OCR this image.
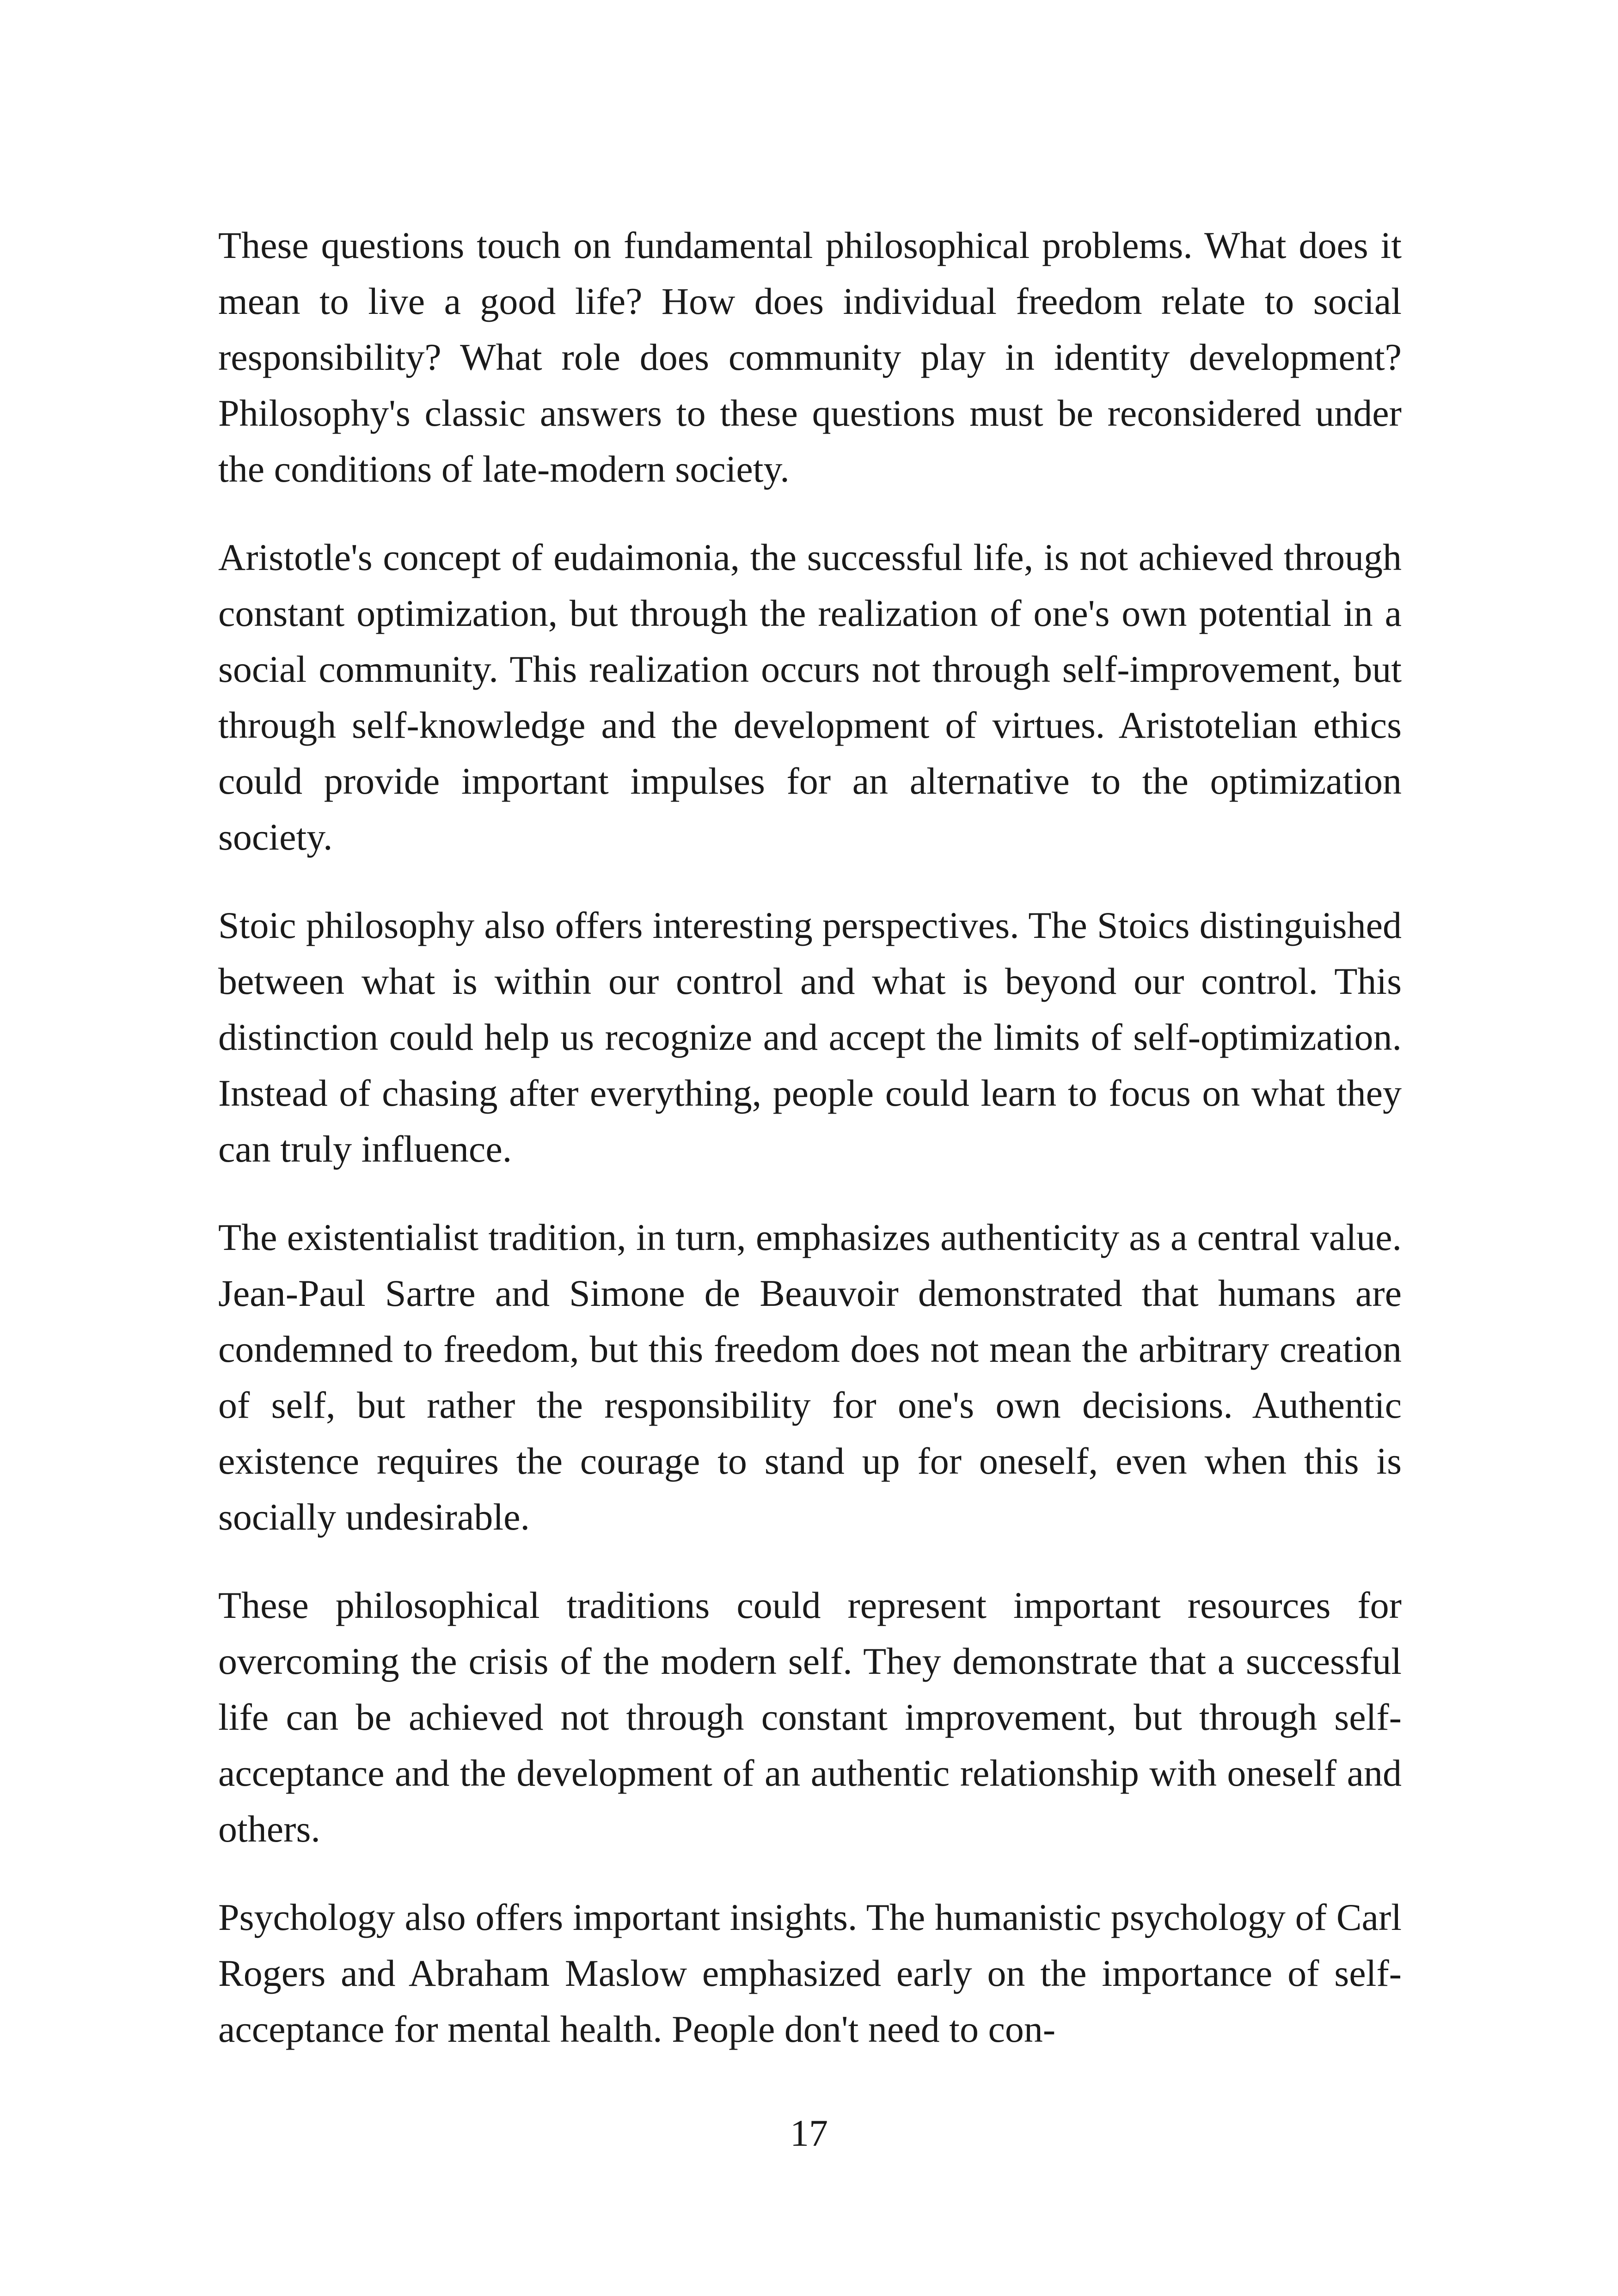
These questions touch on fundamental philosophical problems. What does it mean to live a good life? How does individual freedom relate to social responsibility? What role does community play in identity development? Philosophy's classic answers to these questions must be reconsidered under the conditions of late-modern society.

Aristotle's concept of eudaimonia, the successful life, is not achieved through constant optimization, but through the realization of one's own potential in a social community. This realization occurs not through self-improvement, but through self-knowledge and the development of virtues. Aristotelian ethics could provide important impulses for an alternative to the optimization society.

Stoic philosophy also offers interesting perspectives. The Stoics distinguished between what is within our control and what is beyond our control. This distinction could help us recognize and accept the limits of self-optimization. Instead of chasing after everything, people could learn to focus on what they can truly influence.

The existentialist tradition, in turn, emphasizes authenticity as a central value. Jean-Paul Sartre and Simone de Beauvoir demonstrated that humans are condemned to freedom, but this freedom does not mean the arbitrary creation of self, but rather the responsibility for one's own decisions. Authentic existence requires the courage to stand up for oneself, even when this is socially undesirable.

These philosophical traditions could represent important resources for overcoming the crisis of the modern self. They demonstrate that a successful life can be achieved not through constant improvement, but through self-acceptance and the development of an authentic relationship with oneself and others.

Psychology also offers important insights. The humanistic psychology of Carl Rogers and Abraham Maslow emphasized early on the importance of self-acceptance for mental health. People don't need to con-

17
